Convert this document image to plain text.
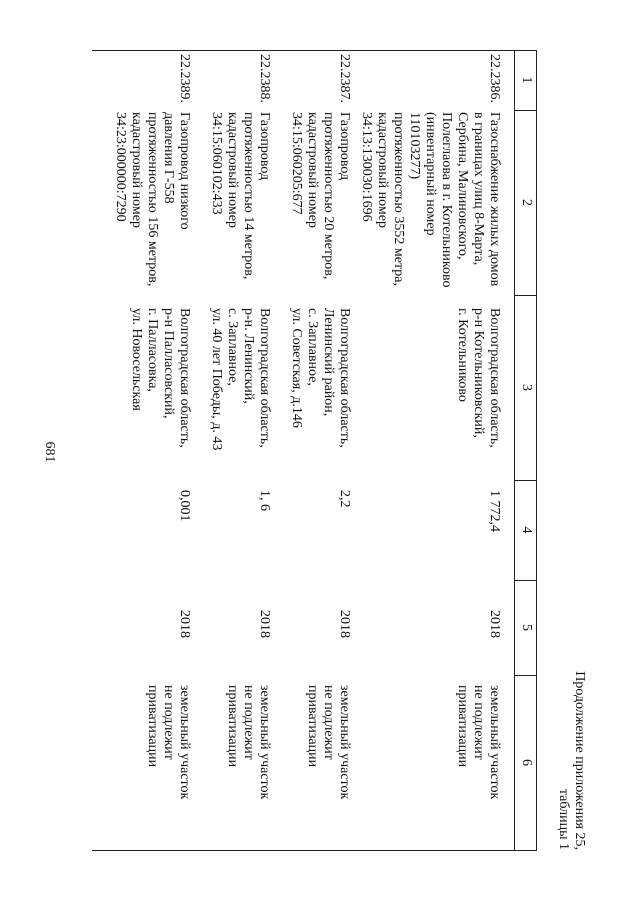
681
Продолжение приложения 25,
таблицы 1
1
2
3
4
5
6
22.2386.
Газоснабжение жилых домов
в границах улиц 8-Марта,
Сербина, Малиновского,
Полеглаова в г. Котельниково
(инвентарный номер 110103277)
протяженностью 3552 метра,
кадастровый номер
34:13:130030:1696
Волгоградская область,
р-н Котельниковский,
г. Котельниково
1 772,4
2018
земельный участок
не подлежит
приватизации
22.2387.
Газопровод
протяженностью 20 метров,
кадастровый номер
34:15:060205:677
Волгоградская область,
Ленинский район,
с. Заплавное,
ул. Советская, д.146
2,2
2018
земельный участок
не подлежит
приватизации
22.2388.
Газопровод
протяженностью 14 метров,
кадастровый номер
34:15:060102:433
Волгоградская область,
р-н. Ленинский,
с. Заплавное,
ул. 40 лет Победы, д. 43
1, 6
2018
земельный участок
не подлежит
приватизации
22.2389.
Газопровод низкого
давления Г-558
протяженностью 156 метров,
кадастровый номер
34:23:000000:7290
Волгоградская область,
р-н Палласовский,
г. Палласовка,
ул. Новосельская
0,001
2018
земельный участок
не подлежит
приватизации
